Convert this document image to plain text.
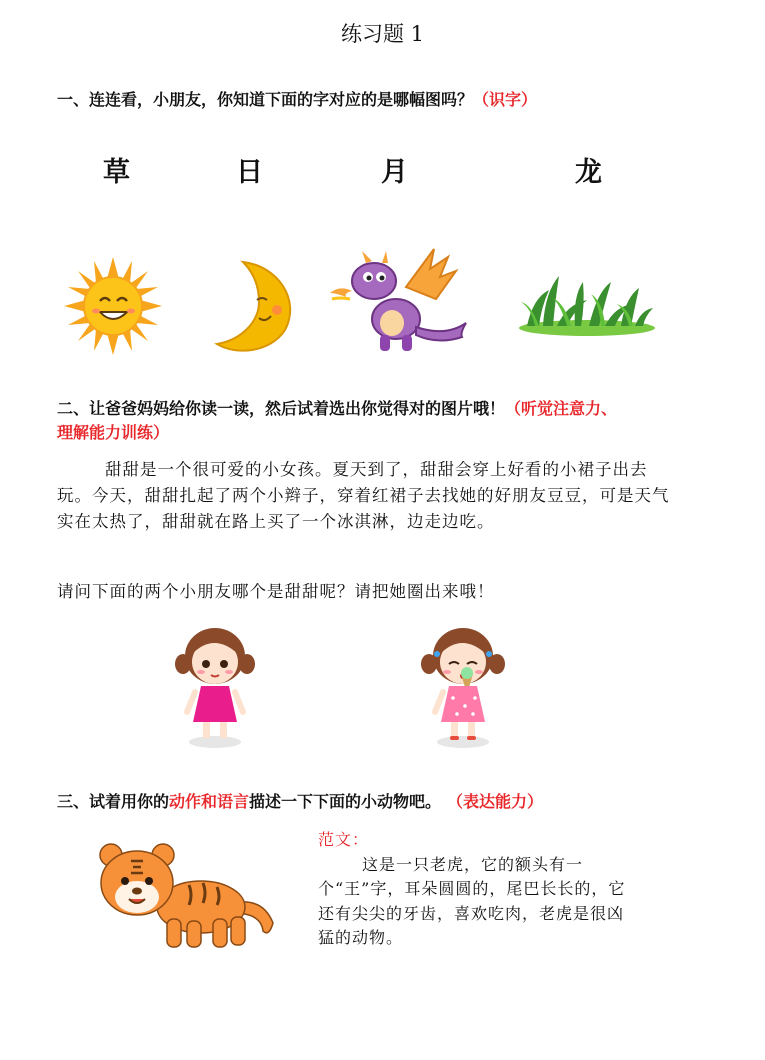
练习题 1
一、连连看，小朋友，你知道下面的字对应的是哪幅图吗？（识字）
草	日	月	龙
二、让爸爸妈妈给你读一读，然后试着选出你觉得对的图片哦！（听觉注意力、
理解能力训练）
甜甜是一个很可爱的小女孩。夏天到了，甜甜会穿上好看的小裙子出去玩。今天，甜甜扎起了两个小辫子，穿着红裙子去找她的好朋友豆豆，可是天气实在太热了，甜甜就在路上买了一个冰淇淋，边走边吃。
请问下面的两个小朋友哪个是甜甜呢？请把她圈出来哦！
三、试着用你的动作和语言描述一下下面的小动物吧。 （表达能力）
范文：
这是一只老虎，它的额头有一个“王”字，耳朵圆圆的，尾巴长长的，它还有尖尖的牙齿，喜欢吃肉，老虎是很凶猛的动物。
